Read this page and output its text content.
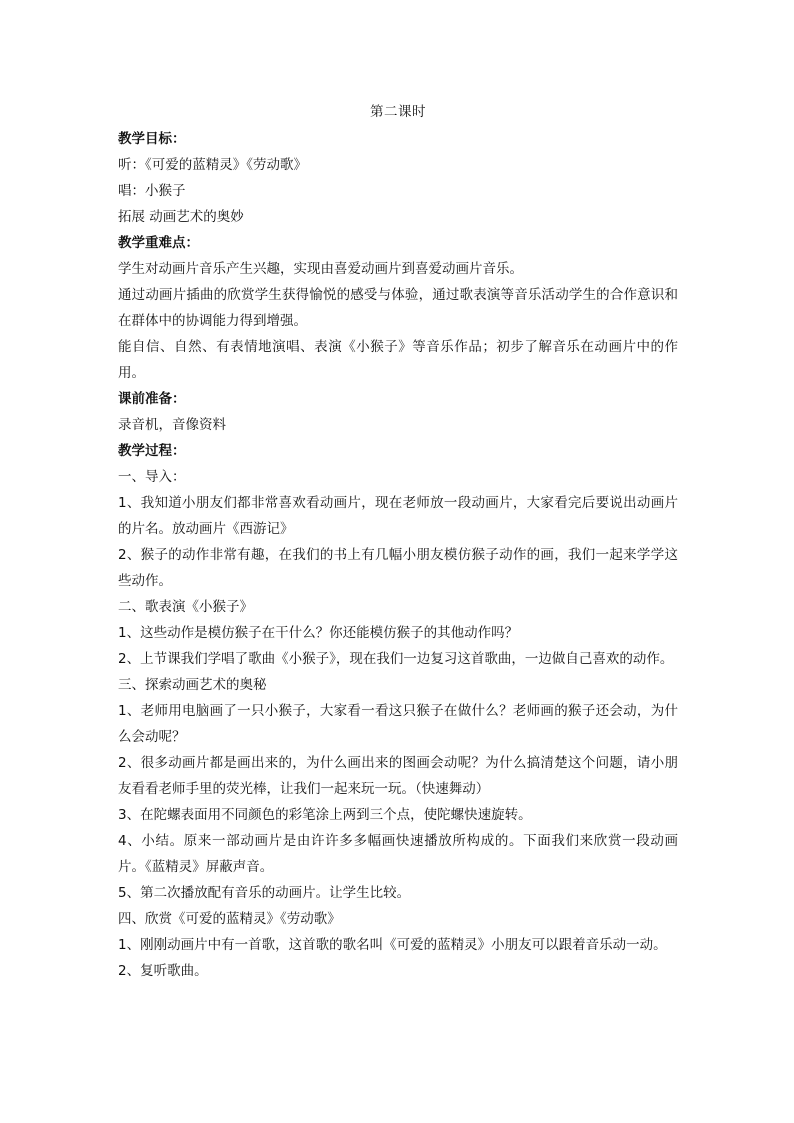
第二课时

教学目标：

听：《可爱的蓝精灵》《劳动歌》

唱：小猴子

拓展 动画艺术的奥妙

教学重难点：

学生对动画片音乐产生兴趣，实现由喜爱动画片到喜爱动画片音乐。

通过动画片插曲的欣赏学生获得愉悦的感受与体验，通过歌表演等音乐活动学生的合作意识和在群体中的协调能力得到增强。

能自信、自然、有表情地演唱、表演《小猴子》等音乐作品；初步了解音乐在动画片中的作用。

课前准备：

录音机，音像资料

教学过程：

一、导入：

1、我知道小朋友们都非常喜欢看动画片，现在老师放一段动画片，大家看完后要说出动画片的片名。放动画片《西游记》

2、猴子的动作非常有趣，在我们的书上有几幅小朋友模仿猴子动作的画，我们一起来学学这些动作。

二、歌表演《小猴子》

1、这些动作是模仿猴子在干什么？你还能模仿猴子的其他动作吗？

2、上节课我们学唱了歌曲《小猴子》，现在我们一边复习这首歌曲，一边做自己喜欢的动作。

三、探索动画艺术的奥秘

1、老师用电脑画了一只小猴子，大家看一看这只猴子在做什么？老师画的猴子还会动，为什么会动呢？

2、很多动画片都是画出来的，为什么画出来的图画会动呢？为什么搞清楚这个问题，请小朋友看看老师手里的荧光棒，让我们一起来玩一玩。（快速舞动）

3、在陀螺表面用不同颜色的彩笔涂上两到三个点，使陀螺快速旋转。

4、小结。原来一部动画片是由许许多多幅画快速播放所构成的。下面我们来欣赏一段动画片。《蓝精灵》屏蔽声音。

5、第二次播放配有音乐的动画片。让学生比较。

四、欣赏《可爱的蓝精灵》《劳动歌》

1、刚刚动画片中有一首歌，这首歌的歌名叫《可爱的蓝精灵》小朋友可以跟着音乐动一动。

2、复听歌曲。
